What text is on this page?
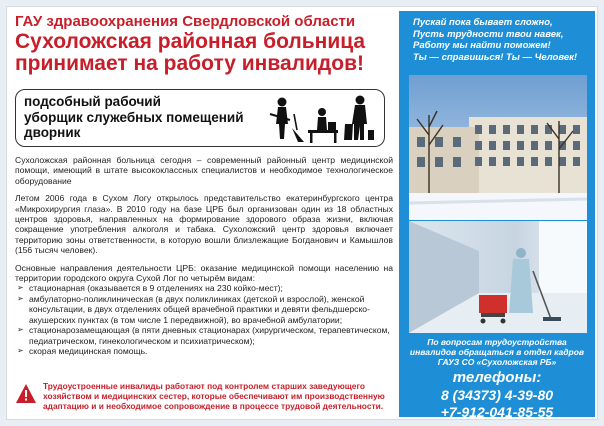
ГАУ здравоохранения Свердловской области

Сухоложская районная больница
принимает на работу инвалидов!

подсобный рабочий
уборщик служебных помещений
дворник

Сухоложская районная больница сегодня – современный районный центр медицинской помощи, имеющий в штате высококлассных специалистов и необходимое технологическое оборудование

Летом 2006 года в Сухом Логу открылось представительство екатеринбургского центра «Микрохирургия глаза». В 2010 году на базе ЦРБ был организован один из 18 областных центров здоровья, направленных на формирование здорового образа жизни, включая сокращение употребления алкоголя и табака. Сухоложский центр здоровья включает территорию зоны ответственности, в которую вошли близлежащие Богданович и Камышлов (156 тысяч человек).

Основные направления деятельности ЦРБ: оказание медицинской помощи населению на территории городского округа Сухой Лог по четырём видам:

➢ стационарная (оказывается в 9 отделениях на 230 койко-мест);
➢ амбулаторно-поликлиническая (в двух поликлиниках (детской и взрослой), женской консультации, в двух отделениях общей врачебной практики и девяти фельдшерско-акушерских пунктах (в том числе 1 передвижной), во врачебной амбулатории;
➢ стационарозамещающая (в пяти дневных стационарах (хирургическом, терапевтическом, педиатрическом, гинекологическом и психиатрическом);
➢ скорая медицинская помощь.
Трудоустроенные инвалиды работают под контролем старших заведующего хозяйством и медицинских сестер, которые обеспечивают им производственную адаптацию и и необходимое сопровождение в процессе трудовой деятельности.
Пускай пока бывает сложно,
Пусть трудности твои навек,
Работу мы найти поможем!
Ты — справишься! Ты — Человек!
По вопросам трудоустройства
инвалидов обращаться в отдел кадров
ГАУЗ СО «Сухоложская РБ»
телефоны:
8 (34373) 4-39-80
+7-912-041-85-55
